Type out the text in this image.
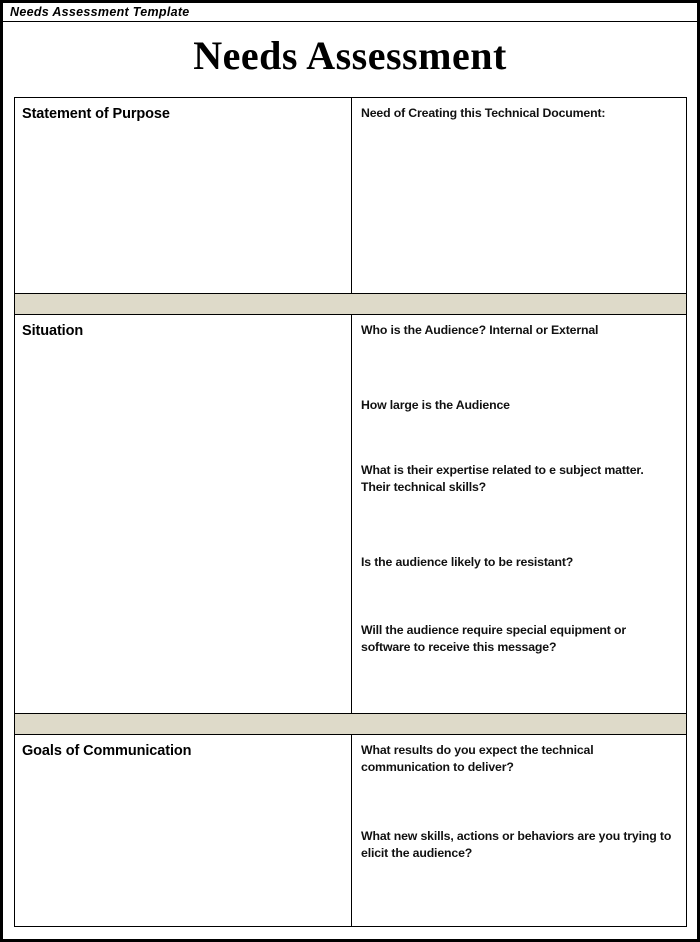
Needs Assessment Template
Needs Assessment
Statement of Purpose	Need of Creating this Technical Document:

Situation	Who is the Audience? Internal or External
How large is the Audience
What is their expertise related to e subject matter. Their technical skills?
Is the audience likely to be resistant?
Will the audience require special equipment or software to receive this message?

Goals of Communication	What results do you expect the technical communication to deliver?
What new skills, actions or behaviors are you trying to elicit the audience?
